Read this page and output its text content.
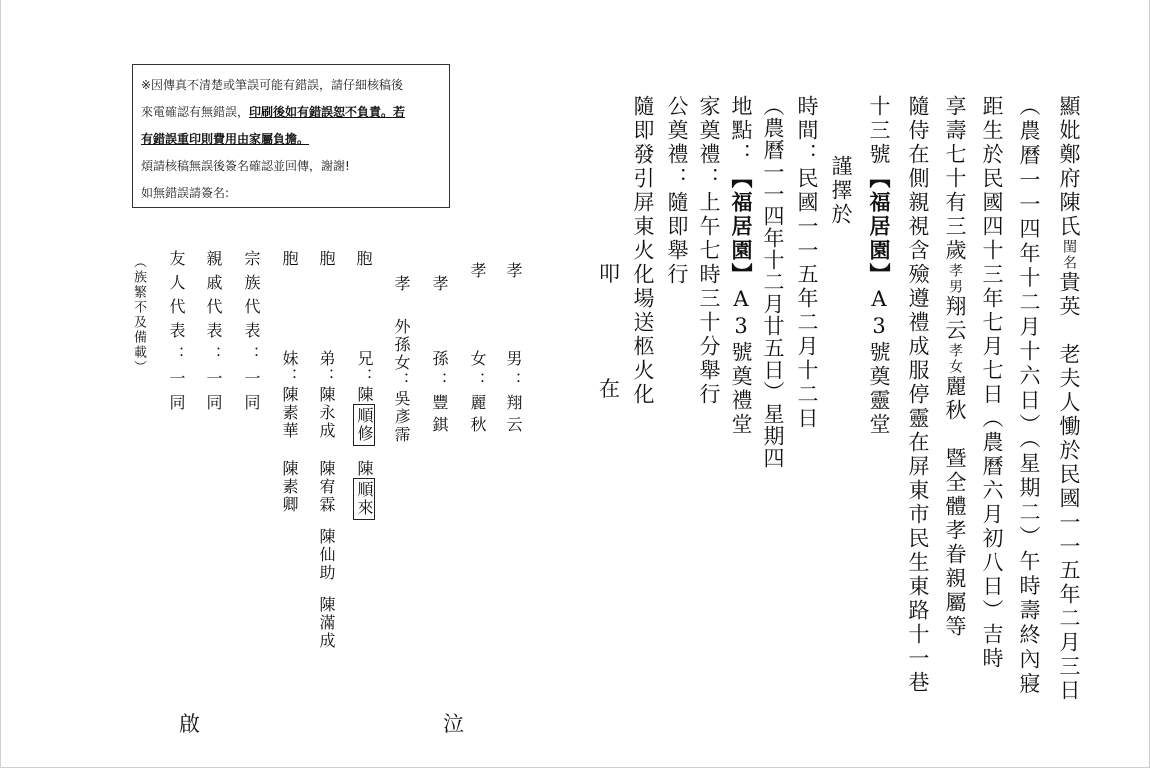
※因傳真不清楚或筆誤可能有錯誤，請仔細核稿後
來電確認有無錯誤，印刷後如有錯誤恕不負責。若
有錯誤重印則費用由家屬負擔。
煩請核稿無誤後簽名確認並回傳，謝謝!
如無錯誤請簽名:	顯妣鄭府陳氏閨名貴英　老夫人慟於民國一一五年二月三日
（農曆一一四年十二月十六日）（星期二）午時壽終內寢
距生於民國四十三年七月七日（農曆六月初八日）吉時
享壽七十有三歲孝男翔云孝女麗秋　暨全體孝眷親屬等
隨侍在側親視含殮遵禮成服停靈在屏東市民生東路十一巷
十三號【福居園】A3號奠靈堂
謹擇於
時間：民國一一五年二月十二日
（農曆一一四年十二月廿五日）星期四
地點：【福居園】A3號奠禮堂
家奠禮：上午七時三十分舉行
公奠禮：隨即舉行
隨即發引屏東火化場送柩火化
叩
在
孝
男：翔云
孝
女：麗秋
孝
孫：豐錤
孝
外孫女：吳彥霈
胞
兄：陳順修
陳順來
胞
弟：陳永成
陳宥霖
陳仙助
陳滿成
胞
妹：陳素華
陳素卿
宗族代表：一同
親戚代表：一同
友人代表：一同
（族繁不及備載）
啟	泣
